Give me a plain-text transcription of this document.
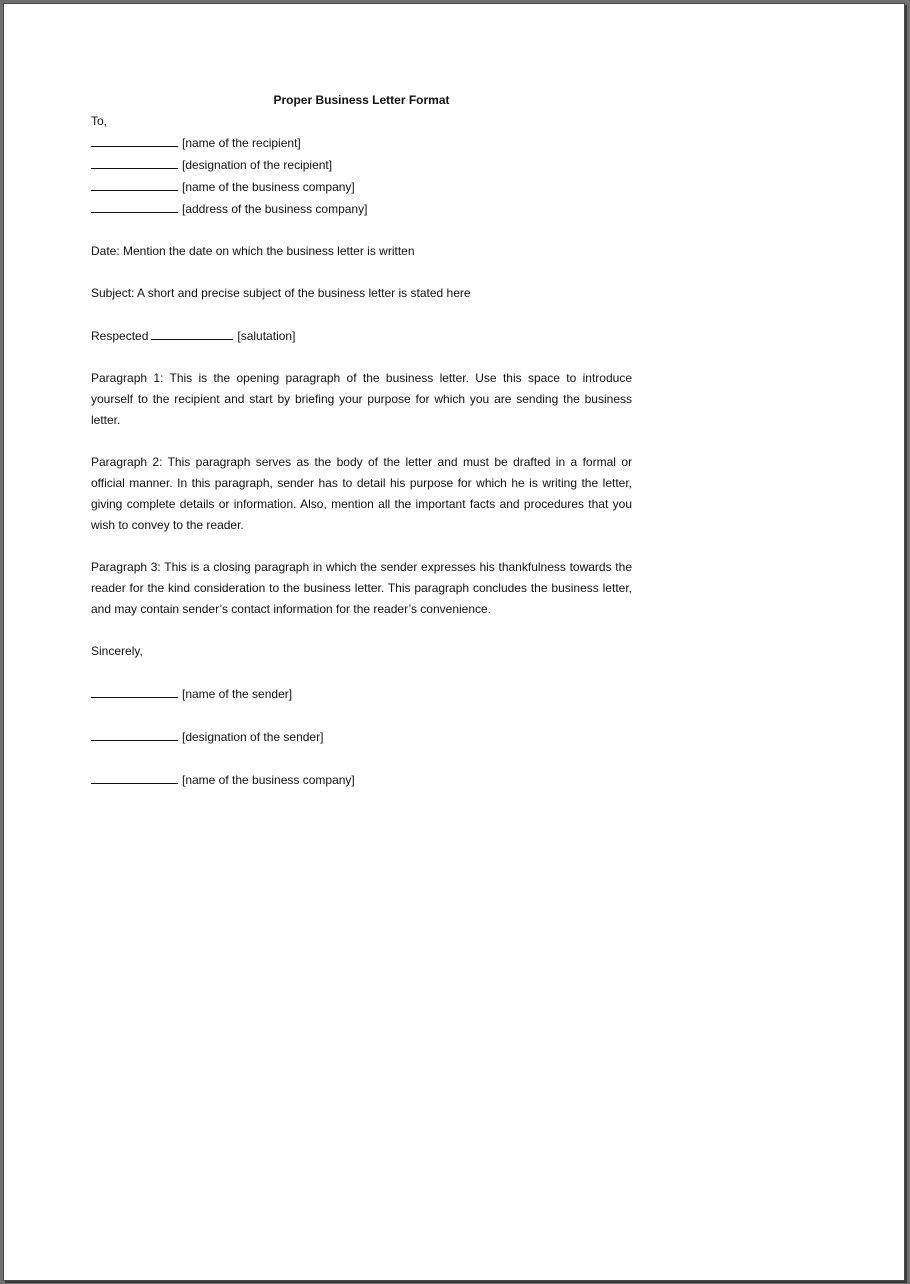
Proper Business Letter Format

To,

[name of the recipient]

[designation of the recipient]

[name of the business company]

[address of the business company]

Date: Mention the date on which the business letter is written

Subject: A short and precise subject of the business letter is stated here

Respected	[salutation]

Paragraph 1: This is the opening paragraph of the business letter. Use this space to introduce yourself to the recipient and start by briefing your purpose for which you are sending the business letter.

Paragraph 2: This paragraph serves as the body of the letter and must be drafted in a formal or official manner. In this paragraph, sender has to detail his purpose for which he is writing the letter, giving complete details or information. Also, mention all the important facts and procedures that you wish to convey to the reader.

Paragraph 3: This is a closing paragraph in which the sender expresses his thankfulness towards the reader for the kind consideration to the business letter. This paragraph concludes the business letter, and may contain sender’s contact information for the reader’s convenience.

Sincerely,

[name of the sender]

[designation of the sender]

[name of the business company]
